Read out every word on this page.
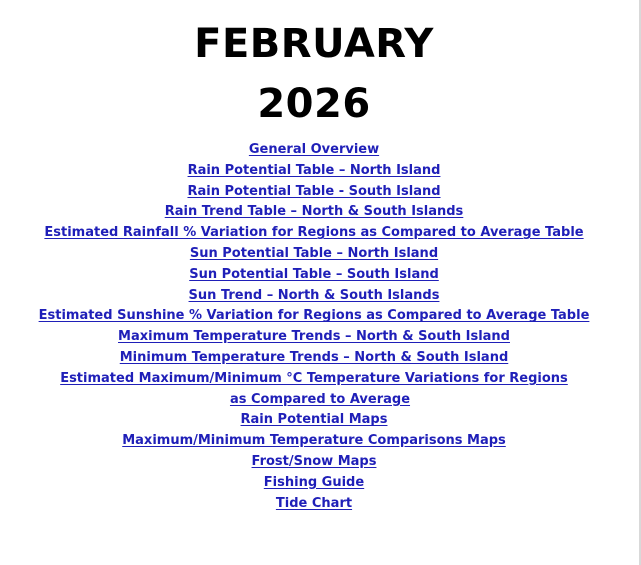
FEBRUARY
2026
General Overview
Rain Potential Table – North Island
Rain Potential Table - South Island
Rain Trend Table – North & South Islands
Estimated Rainfall % Variation for Regions as Compared to Average Table
Sun Potential Table – North Island
Sun Potential Table – South Island
Sun Trend – North & South Islands
Estimated Sunshine % Variation for Regions as Compared to Average Table
Maximum Temperature Trends – North & South Island
Minimum Temperature Trends – North & South Island
Estimated Maximum/Minimum °C Temperature Variations for Regions
as Compared to Average
Rain Potential Maps
Maximum/Minimum Temperature Comparisons Maps
Frost/Snow Maps
Fishing Guide
Tide Chart
